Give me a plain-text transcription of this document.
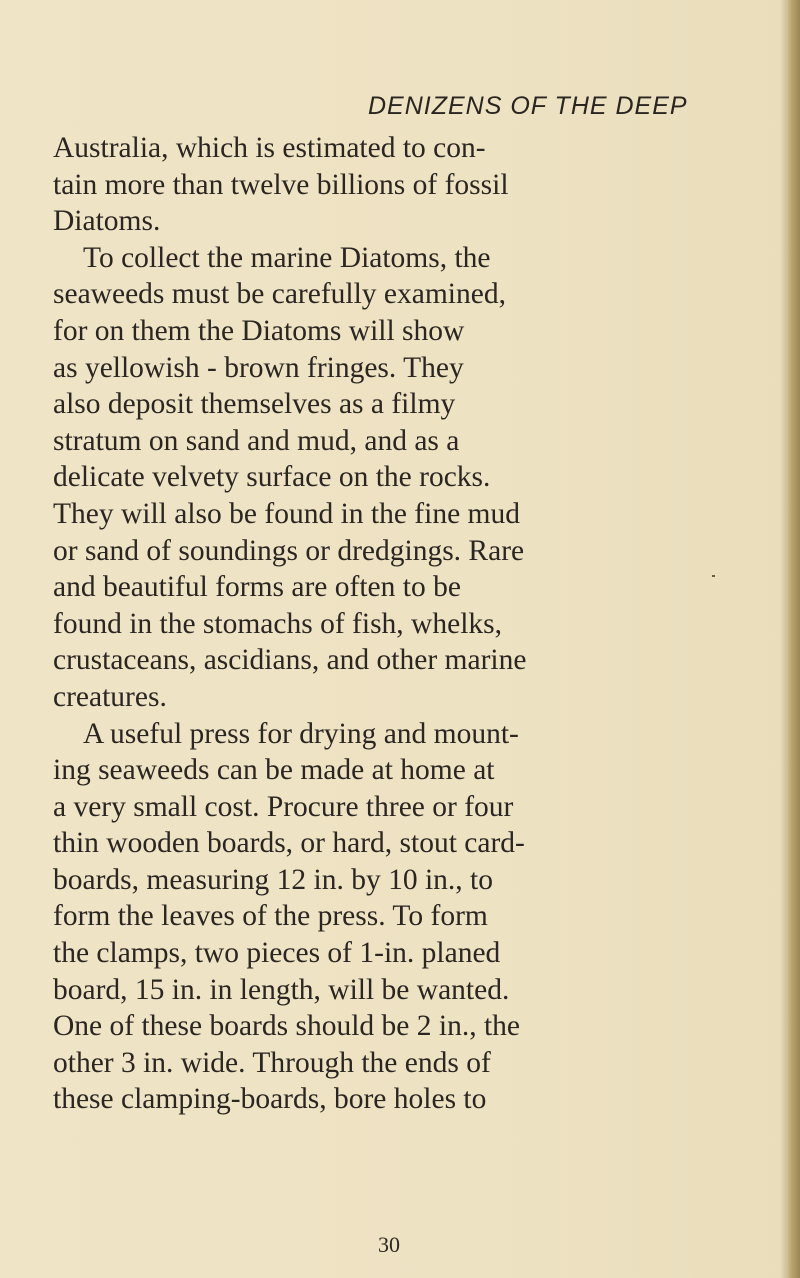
DENIZENS OF THE DEEP
Australia, which is estimated to con-
tain more than twelve billions of fossil
Diatoms.
To collect the marine Diatoms, the
seaweeds must be carefully examined,
for on them the Diatoms will show
as yellowish - brown fringes. They
also deposit themselves as a filmy
stratum on sand and mud, and as a
delicate velvety surface on the rocks.
They will also be found in the fine mud
or sand of soundings or dredgings. Rare
and beautiful forms are often to be
found in the stomachs of fish, whelks,
crustaceans, ascidians, and other marine
creatures.
A useful press for drying and mount-
ing seaweeds can be made at home at
a very small cost. Procure three or four
thin wooden boards, or hard, stout card-
boards, measuring 12 in. by 10 in., to
form the leaves of the press. To form
the clamps, two pieces of 1-in. planed
board, 15 in. in length, will be wanted.
One of these boards should be 2 in., the
other 3 in. wide. Through the ends of
these clamping-boards, bore holes to
30
